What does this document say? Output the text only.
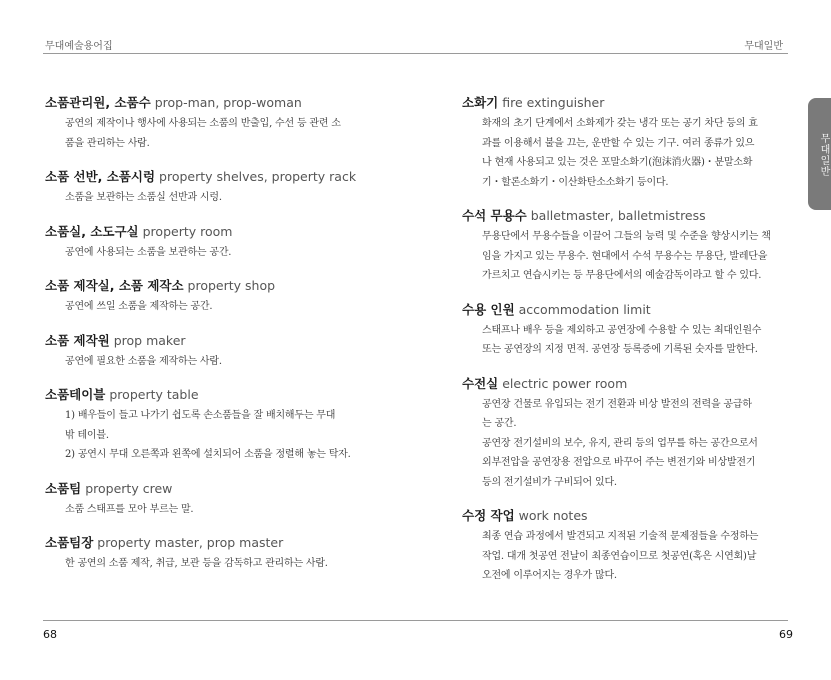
무대예술용어집	무대일반
무대일반

소품관리원, 소품수 prop-man, prop-woman

공연의 제작이나 행사에 사용되는 소품의 반출입, 수선 등 관련 소

품을 관리하는 사람.

소품 선반, 소품시렁 property shelves, property rack

소품을 보관하는 소품실 선반과 시렁.

소품실, 소도구실 property room

공연에 사용되는 소품을 보관하는 공간.

소품 제작실, 소품 제작소 property shop

공연에 쓰일 소품을 제작하는 공간.

소품 제작원 prop maker

공연에 필요한 소품을 제작하는 사람.

소품테이블 property table

1) 배우들이 들고 나가기 쉽도록 손소품들을 잘 배치해두는 무대

밖 테이블.

2) 공연시 무대 오른쪽과 왼쪽에 설치되어 소품을 정렬해 놓는 탁자.

소품팀 property crew

소품 스태프를 모아 부르는 말.

소품팀장 property master, prop master

한 공연의 소품 제작, 취급, 보관 등을 감독하고 관리하는 사람.

소화기 fire extinguisher

화재의 초기 단계에서 소화제가 갖는 냉각 또는 공기 차단 등의 효

과를 이용해서 불을 끄는, 운반할 수 있는 기구. 여러 종류가 있으

나 현재 사용되고 있는 것은 포말소화기(泡沫消火器)・분말소화

기・할론소화기・이산화탄소소화기 등이다.

수석 무용수 balletmaster, balletmistress

무용단에서 무용수들을 이끌어 그들의 능력 및 수준을 향상시키는 책

임을 가지고 있는 무용수. 현대에서 수석 무용수는 무용단, 발레단을

가르치고 연습시키는 등 무용단에서의 예술감독이라고 할 수 있다.

수용 인원 accommodation limit

스태프나 배우 등을 제외하고 공연장에 수용할 수 있는 최대인원수

또는 공연장의 지정 면적. 공연장 등록증에 기록된 숫자를 말한다.

수전실 electric power room

공연장 건물로 유입되는 전기 전환과 비상 발전의 전력을 공급하

는 공간.

공연장 전기설비의 보수, 유지, 관리 등의 업무를 하는 공간으로서

외부전압을 공연장용 전압으로 바꾸어 주는 변전기와 비상발전기

등의 전기설비가 구비되어 있다.

수정 작업 work notes

최종 연습 과정에서 발견되고 지적된 기술적 문제점들을 수정하는

작업. 대개 첫공연 전날이 최종연습이므로 첫공연(혹은 시연회)날

오전에 이루어지는 경우가 많다.

68	69
